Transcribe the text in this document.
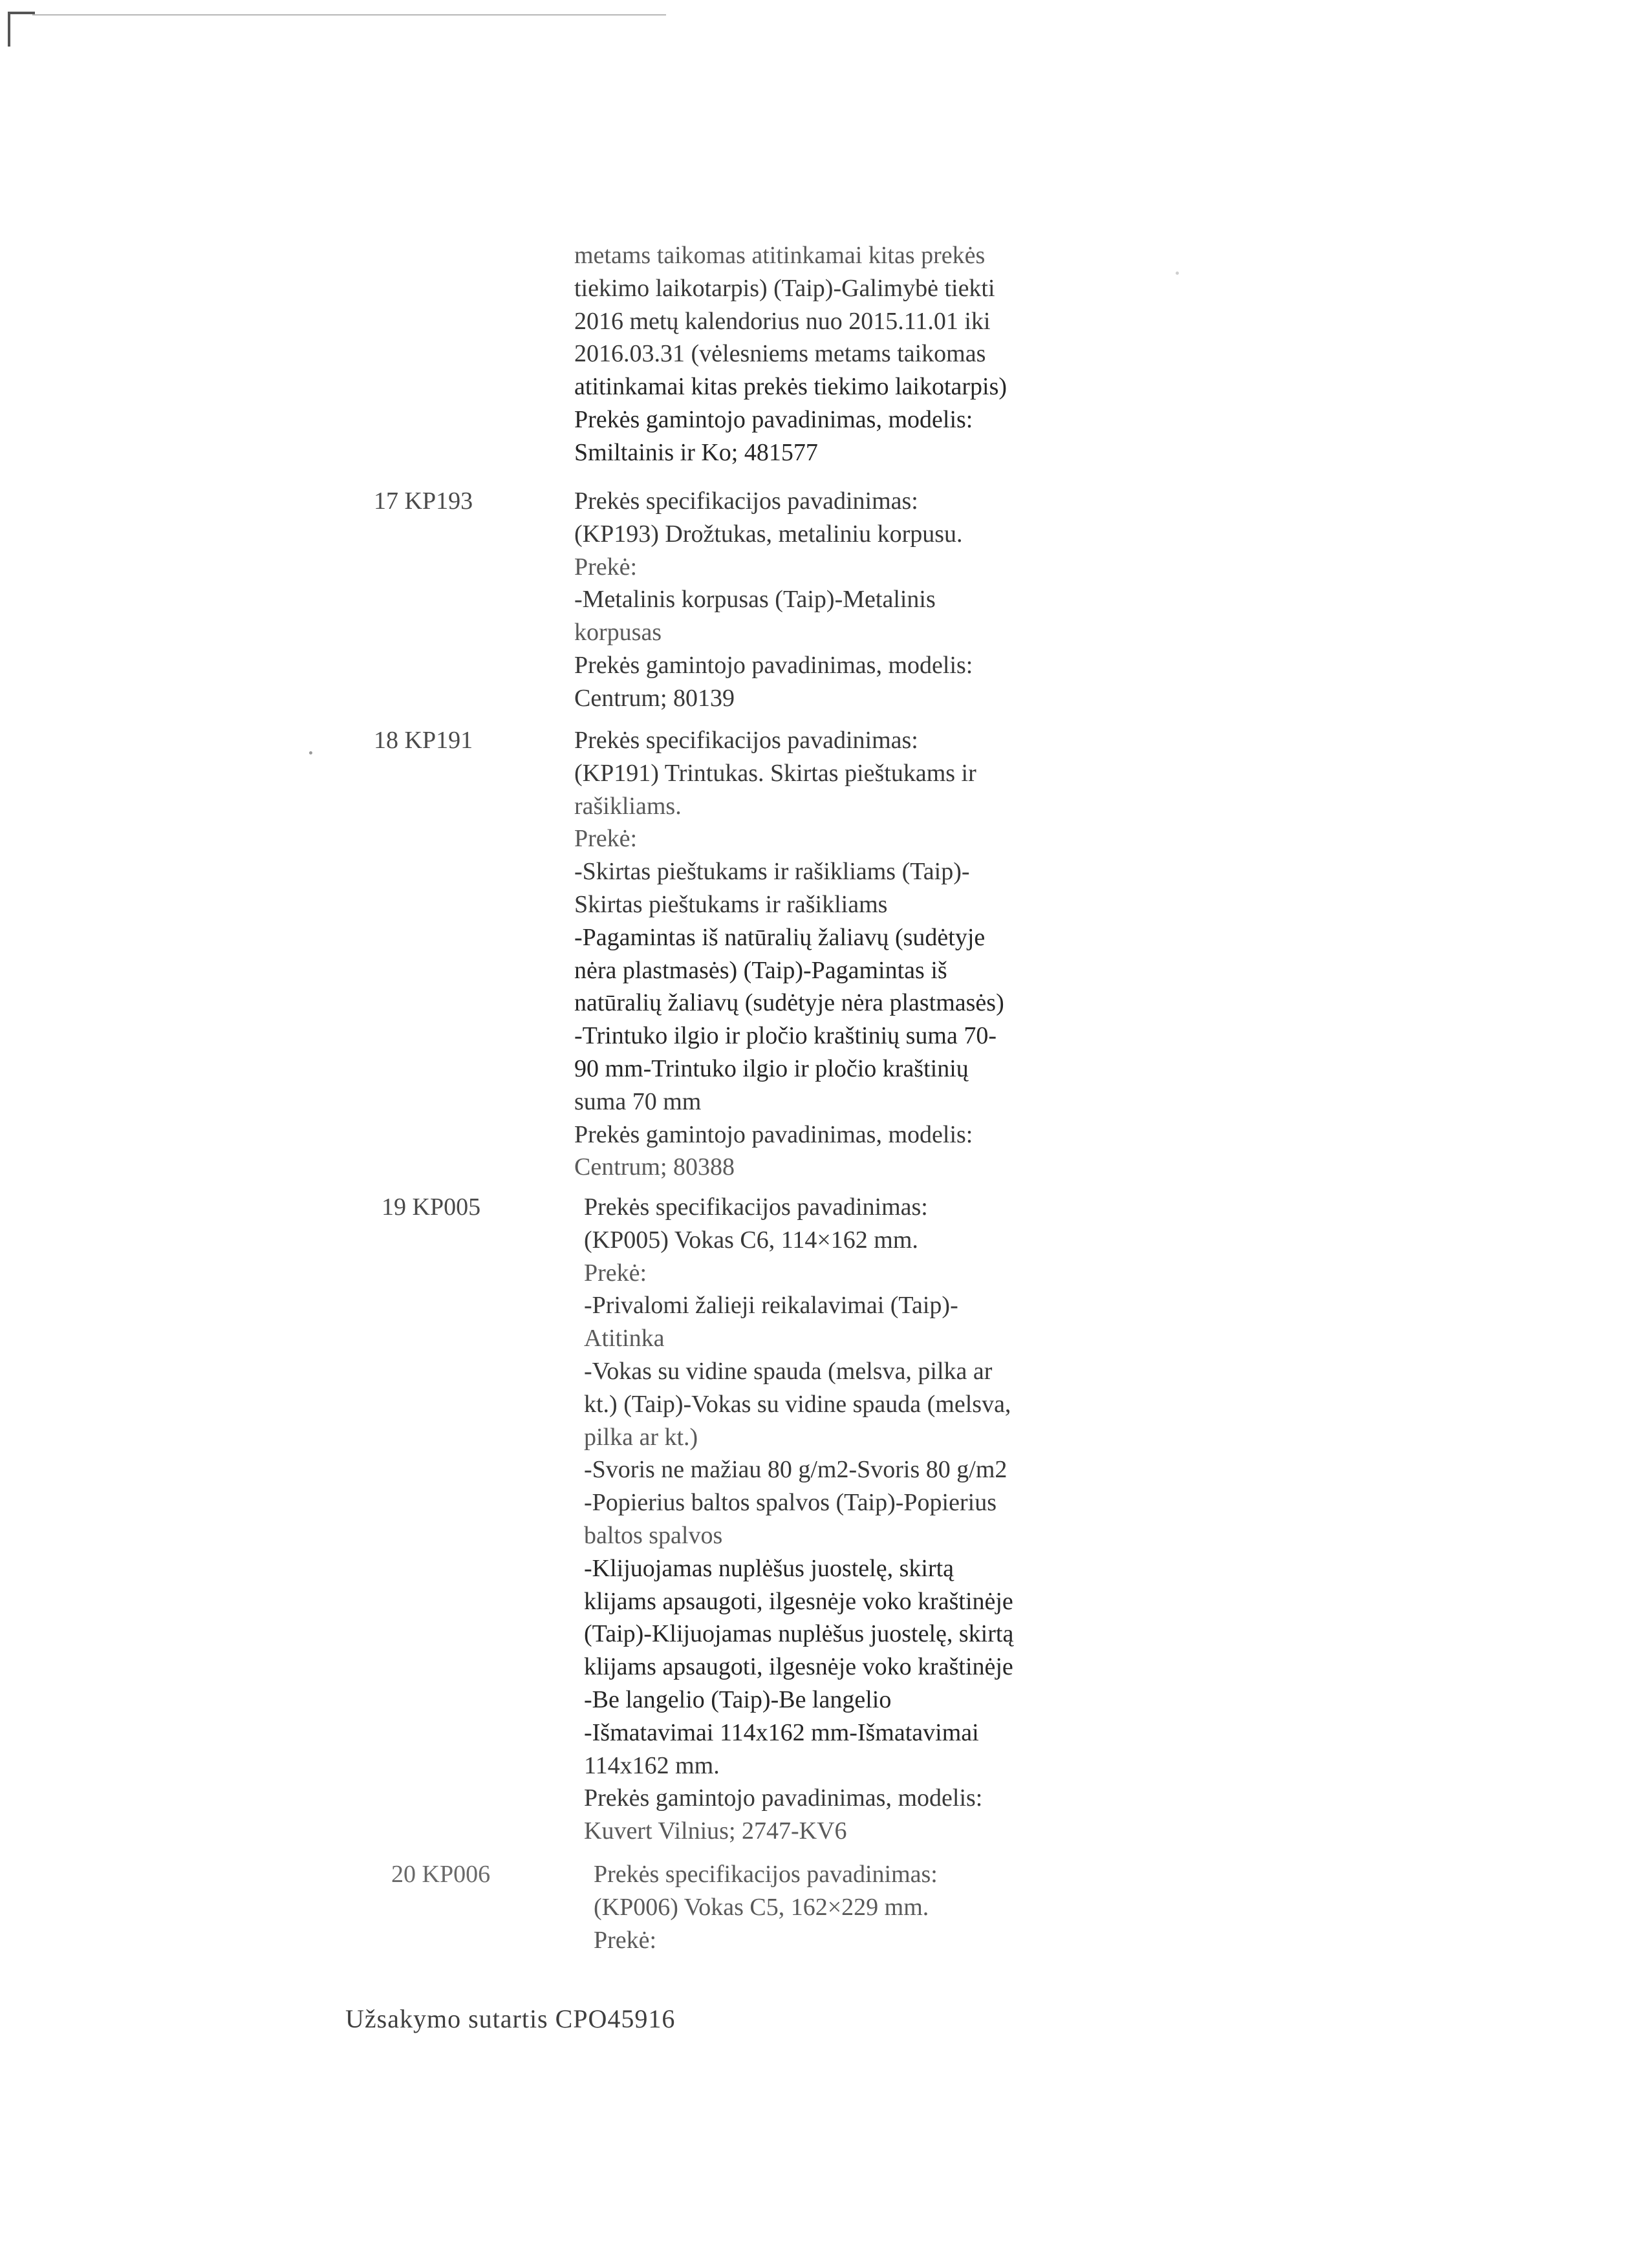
metams taikomas atitinkamai kitas prekės
tiekimo laikotarpis) (Taip)-Galimybė tiekti
2016 metų kalendorius nuo 2015.11.01 iki
2016.03.31 (vėlesniems metams taikomas
atitinkamai kitas prekės tiekimo laikotarpis)
Prekės gamintojo pavadinimas, modelis:
Smiltainis ir Ko; 481577
17 KP193	Prekės specifikacijos pavadinimas:
(KP193) Drožtukas, metaliniu korpusu.
Prekė:
-Metalinis korpusas (Taip)-Metalinis
korpusas
Prekės gamintojo pavadinimas, modelis:
Centrum; 80139
18 KP191	Prekės specifikacijos pavadinimas:
(KP191) Trintukas. Skirtas pieštukams ir
rašikliams.
Prekė:
-Skirtas pieštukams ir rašikliams (Taip)-
Skirtas pieštukams ir rašikliams
-Pagamintas iš natūralių žaliavų (sudėtyje
nėra plastmasės) (Taip)-Pagamintas iš
natūralių žaliavų (sudėtyje nėra plastmasės)
-Trintuko ilgio ir pločio kraštinių suma 70-
90 mm-Trintuko ilgio ir pločio kraštinių
suma 70 mm
Prekės gamintojo pavadinimas, modelis:
Centrum; 80388
19 KP005	Prekės specifikacijos pavadinimas:
(KP005) Vokas C6, 114×162 mm.
Prekė:
-Privalomi žalieji reikalavimai (Taip)-
Atitinka
-Vokas su vidine spauda (melsva, pilka ar
kt.) (Taip)-Vokas su vidine spauda (melsva,
pilka ar kt.)
-Svoris ne mažiau 80 g/m2-Svoris 80 g/m2
-Popierius baltos spalvos (Taip)-Popierius
baltos spalvos
-Klijuojamas nuplėšus juostelę, skirtą
klijams apsaugoti, ilgesnėje voko kraštinėje
(Taip)-Klijuojamas nuplėšus juostelę, skirtą
klijams apsaugoti, ilgesnėje voko kraštinėje
-Be langelio (Taip)-Be langelio
-Išmatavimai 114x162 mm-Išmatavimai
114x162 mm.
Prekės gamintojo pavadinimas, modelis:
Kuvert Vilnius; 2747-KV6
20 KP006	Prekės specifikacijos pavadinimas:
(KP006) Vokas C5, 162×229 mm.
Prekė:
Užsakymo sutartis CPO45916
